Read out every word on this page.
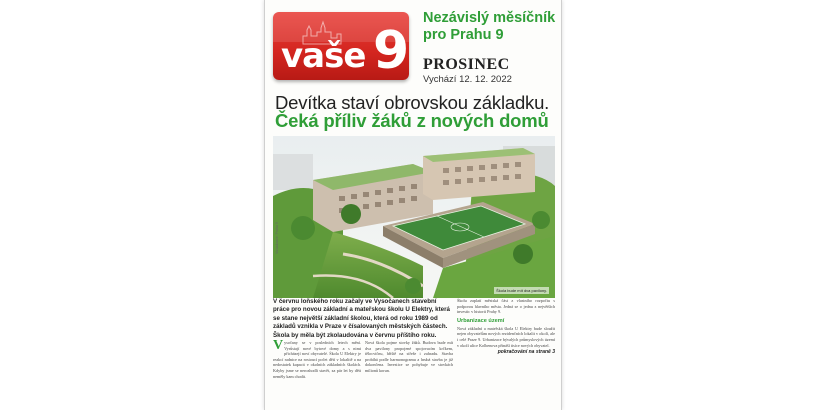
vaše 9
Nezávislý měsíčník
pro Prahu 9
PROSINEC
Vychází 12. 12. 2022
Devítka staví obrovskou základku.
Čeká příliv žáků z nových domů
Vizualizace: Praha 9
Škola bude mít dva pavilony.
V červnu loňského roku začaly ve Vysočanech stavební práce pro novou základní a mateřskou školu U Elektry, která se stane největší základní školou, která od roku 1989 od základů vznikla v Praze v čísalovaných městských částech. Škola by měla být zkolaudována v červnu příštího roku.
V ysočany se v posledních letech mění. Vyrůstají nové bytové domy a s nimi přicházejí noví obyvatelé. Škola U Elektry je reakcí radnice na rostoucí počet dětí v lokalitě a na nedostatek kapacit v okolních základních školách. Kdyby jsme se nerozhodli stavět, za pár let by děti neměly kam chodit.
Nová škola pojme stovky žáků. Budova bude mít dva pavilony propojené spojovacím krčkem, tělocvičnu, hřiště na střeše i zahradu. Stavba probíhá podle harmonogramu a hrubá stavba je již dokončena. Investice se pohybuje ve stovkách milionů korun.
Školu zaplatí městská část z vlastního rozpočtu s podporou hlavního města. Jedná se o jednu z největších investic v historii Prahy 9.
Urbanizace území
Nová základní a mateřská škola U Elektry bude sloužit nejen obyvatelům nových rezidenčních lokalit v okolí, ale i celé Praze 9. Urbanizace bývalých průmyslových území v okolí ulice Kolbenova přináší tisíce nových obyvatel.
pokračování na straně 3
